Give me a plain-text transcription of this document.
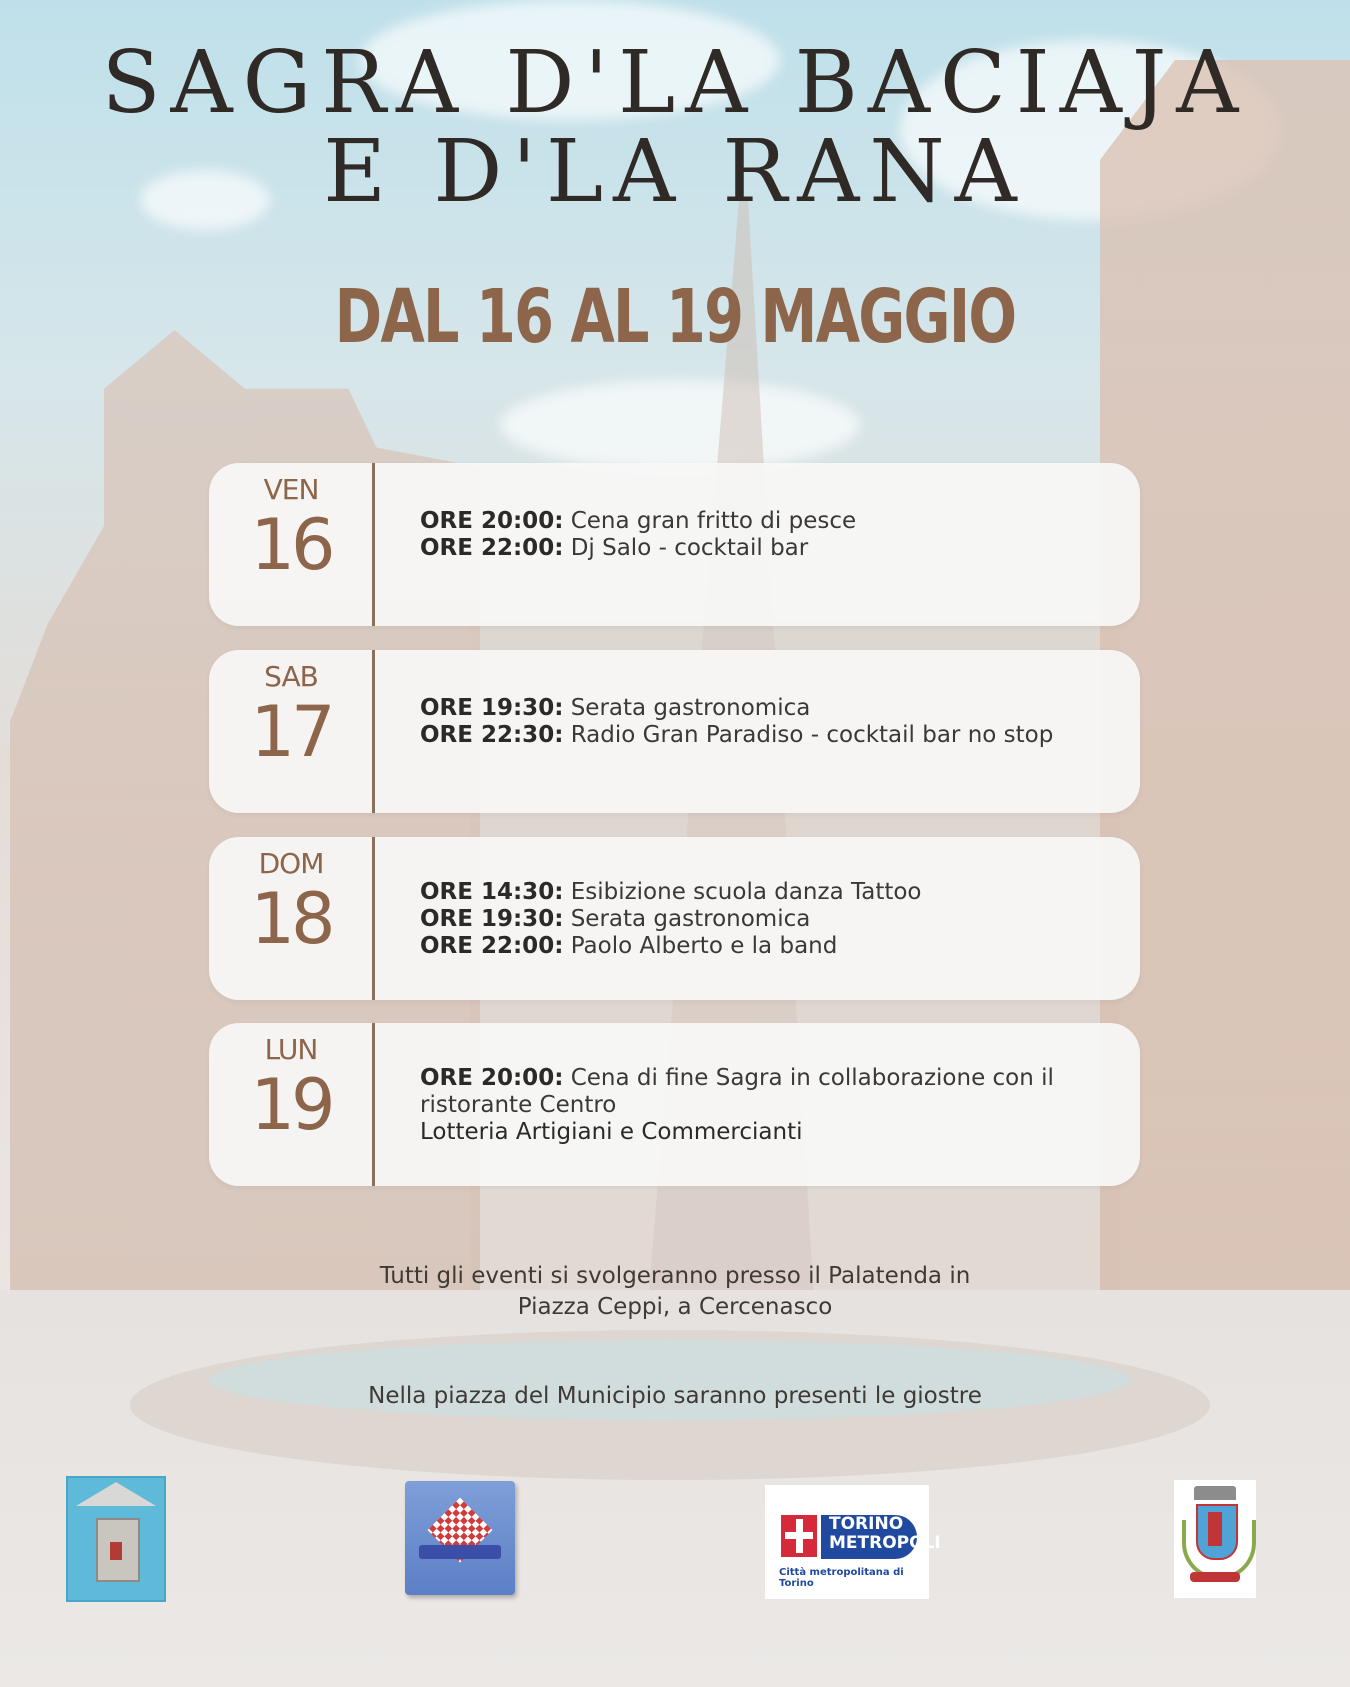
SAGRA D'LA BACIAJA
E D'LA RANA
DAL 16 AL 19 MAGGIO
VEN
16	ORE 20:00: Cena gran fritto di pesce
ORE 22:00: Dj Salo - cocktail bar
SAB
17	ORE 19:30: Serata gastronomica
ORE 22:30: Radio Gran Paradiso - cocktail bar no stop
DOM
18	ORE 14:30: Esibizione scuola danza Tattoo
ORE 19:30: Serata gastronomica
ORE 22:00: Paolo Alberto e la band
LUN
19	ORE 20:00: Cena di fine Sagra in collaborazione con il ristorante Centro
Lotteria Artigiani e Commercianti
Tutti gli eventi si svolgeranno presso il Palatenda in
Piazza Ceppi, a Cercenasco
Nella piazza del Municipio saranno presenti le giostre
TORINO
METROPOLI
Città metropolitana di Torino
